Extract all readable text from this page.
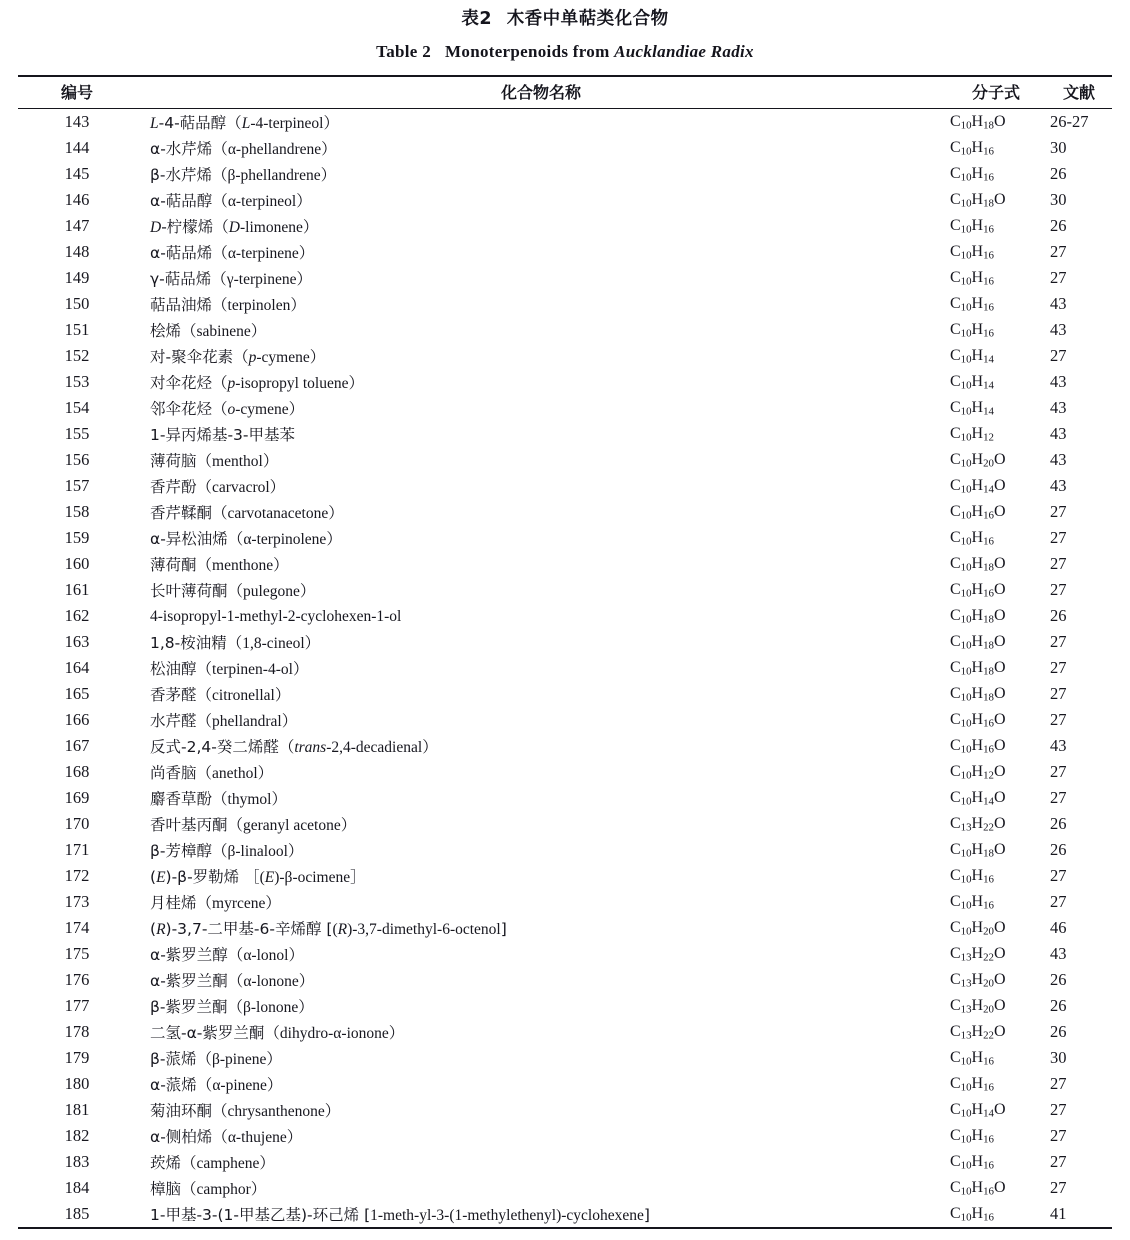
表2 木香中单萜类化合物
Table 2 Monoterpenoids from Aucklandiae Radix

编号	化合物名称	分子式	文献

143	L-4-萜品醇（L-4-terpineol）	$C_{10}H_{18}O$	26-27
144	α-水芹烯（α-phellandrene）	$C_{10}H_{16}$	30
145	β-水芹烯（β-phellandrene）	$C_{10}H_{16}$	26
146	α-萜品醇（α-terpineol）	$C_{10}H_{18}O$	30
147	D-柠檬烯（D-limonene）	$C_{10}H_{16}$	26
148	α-萜品烯（α-terpinene）	$C_{10}H_{16}$	27
149	γ-萜品烯（γ-terpinene）	$C_{10}H_{16}$	27
150	萜品油烯（terpinolen）	$C_{10}H_{16}$	43
151	桧烯（sabinene）	$C_{10}H_{16}$	43
152	对-聚伞花素（p-cymene）	$C_{10}H_{14}$	27
153	对伞花烃（p-isopropyl toluene）	$C_{10}H_{14}$	43
154	邻伞花烃（o-cymene）	$C_{10}H_{14}$	43
155	1-异丙烯基-3-甲基苯	$C_{10}H_{12}$	43
156	薄荷脑（menthol）	$C_{10}H_{20}O$	43
157	香芹酚（carvacrol）	$C_{10}H_{14}O$	43
158	香芹鞣酮（carvotanacetone）	$C_{10}H_{16}O$	27
159	α-异松油烯（α-terpinolene）	$C_{10}H_{16}$	27
160	薄荷酮（menthone）	$C_{10}H_{18}O$	27
161	长叶薄荷酮（pulegone）	$C_{10}H_{16}O$	27
162	4-isopropyl-1-methyl-2-cyclohexen-1-ol	$C_{10}H_{18}O$	26
163	1,8-桉油精（1,8-cineol）	$C_{10}H_{18}O$	27
164	松油醇（terpinen-4-ol）	$C_{10}H_{18}O$	27
165	香茅醛（citronellal）	$C_{10}H_{18}O$	27
166	水芹醛（phellandral）	$C_{10}H_{16}O$	27
167	反式-2,4-癸二烯醛（trans-2,4-decadienal）	$C_{10}H_{16}O$	43
168	尚香脑（anethol）	$C_{10}H_{12}O$	27
169	麝香草酚（thymol）	$C_{10}H_{14}O$	27
170	香叶基丙酮（geranyl acetone）	$C_{13}H_{22}O$	26
171	β-芳樟醇（β-linalool）	$C_{10}H_{18}O$	26
172	(E)-β-罗勒烯 ［(E)-β-ocimene］	$C_{10}H_{16}$	27
173	月桂烯（myrcene）	$C_{10}H_{16}$	27
174	(R)-3,7-二甲基-6-辛烯醇 [(R)-3,7-dimethyl-6-octenol]	$C_{10}H_{20}O$	46
175	α-紫罗兰醇（α-lonol）	$C_{13}H_{22}O$	43
176	α-紫罗兰酮（α-lonone）	$C_{13}H_{20}O$	26
177	β-紫罗兰酮（β-lonone）	$C_{13}H_{20}O$	26
178	二氢-α-紫罗兰酮（dihydro-α-ionone）	$C_{13}H_{22}O$	26
179	β-蒎烯（β-pinene）	$C_{10}H_{16}$	30
180	α-蒎烯（α-pinene）	$C_{10}H_{16}$	27
181	菊油环酮（chrysanthenone）	$C_{10}H_{14}O$	27
182	α-侧柏烯（α-thujene）	$C_{10}H_{16}$	27
183	莰烯（camphene）	$C_{10}H_{16}$	27
184	樟脑（camphor）	$C_{10}H_{16}O$	27
185	1-甲基-3-(1-甲基乙基)-环己烯 [1-meth-yl-3-(1-methylethenyl)-cyclohexene]	$C_{10}H_{16}$	41
